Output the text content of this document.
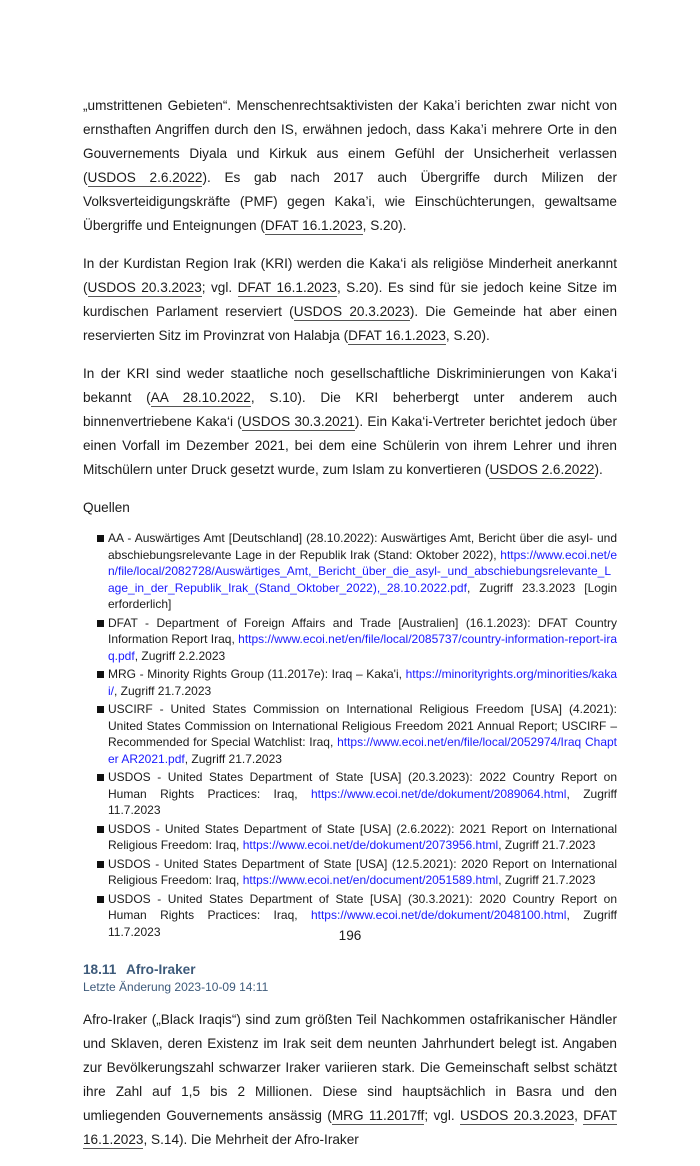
„umstrittenen Gebieten“. Menschenrechtsaktivisten der Kaka’i berichten zwar nicht von ernsthaften Angriffen durch den IS, erwähnen jedoch, dass Kaka’i mehrere Orte in den Gouvernements Diyala und Kirkuk aus einem Gefühl der Unsicherheit verlassen (USDOS 2.6.2022). Es gab nach 2017 auch Übergriffe durch Milizen der Volksverteidigungskräfte (PMF) gegen Kaka’i, wie Einschüchterungen, gewaltsame Übergriffe und Enteignungen (DFAT 16.1.2023, S.20).

In der Kurdistan Region Irak (KRI) werden die Kaka‘i als religiöse Minderheit anerkannt (USDOS 20.3.2023; vgl. DFAT 16.1.2023, S.20). Es sind für sie jedoch keine Sitze im kurdischen Parlament reserviert (USDOS 20.3.2023). Die Gemeinde hat aber einen reservierten Sitz im Provinzrat von Halabja (DFAT 16.1.2023, S.20).

In der KRI sind weder staatliche noch gesellschaftliche Diskriminierungen von Kaka‘i bekannt (AA 28.10.2022, S.10). Die KRI beherbergt unter anderem auch binnenvertriebene Kaka‘i (USDOS 30.3.2021). Ein Kaka‘i-Vertreter berichtet jedoch über einen Vorfall im Dezember 2021, bei dem eine Schülerin von ihrem Lehrer und ihren Mitschülern unter Druck gesetzt wurde, zum Islam zu konvertieren (USDOS 2.6.2022).

Quellen
AA - Auswärtiges Amt [Deutschland] (28.10.2022): Auswärtiges Amt, Bericht über die asyl- und abschiebungsrelevante Lage in der Republik Irak (Stand: Oktober 2022), https://www.ecoi.net/en/file/local/2082728/Auswärtiges_Amt,_Bericht_über_die_asyl-_und_abschiebungsrelevante_Lage_in_der_Republik_Irak_(Stand_Oktober_2022),_28.10.2022.pdf, Zugriff 23.3.2023 [Login erforderlich]
DFAT - Department of Foreign Affairs and Trade [Australien] (16.1.2023): DFAT Country Information Report Iraq, https://www.ecoi.net/en/file/local/2085737/country-information-report-iraq.pdf, Zugriff 2.2.2023
MRG - Minority Rights Group (11.2017e): Iraq – Kaka'i, https://minorityrights.org/minorities/kakai/, Zugriff 21.7.2023
USCIRF - United States Commission on International Religious Freedom [USA] (4.2021): United States Commission on International Religious Freedom 2021 Annual Report; USCIRF – Recommended for Special Watchlist: Iraq, https://www.ecoi.net/en/file/local/2052974/Iraq Chapter AR2021.pdf, Zugriff 21.7.2023
USDOS - United States Department of State [USA] (20.3.2023): 2022 Country Report on Human Rights Practices: Iraq, https://www.ecoi.net/de/dokument/2089064.html, Zugriff 11.7.2023
USDOS - United States Department of State [USA] (2.6.2022): 2021 Report on International Religious Freedom: Iraq, https://www.ecoi.net/de/dokument/2073956.html, Zugriff 21.7.2023
USDOS - United States Department of State [USA] (12.5.2021): 2020 Report on International Religious Freedom: Iraq, https://www.ecoi.net/en/document/2051589.html, Zugriff 21.7.2023
USDOS - United States Department of State [USA] (30.3.2021): 2020 Country Report on Human Rights Practices: Iraq, https://www.ecoi.net/de/dokument/2048100.html, Zugriff 11.7.2023
18.11 Afro-Iraker
Letzte Änderung 2023-10-09 14:11

Afro-Iraker („Black Iraqis“) sind zum größten Teil Nachkommen ostafrikanischer Händler und Sklaven, deren Existenz im Irak seit dem neunten Jahrhundert belegt ist. Angaben zur Bevölkerungszahl schwarzer Iraker variieren stark. Die Gemeinschaft selbst schätzt ihre Zahl auf 1,5 bis 2 Millionen. Diese sind hauptsächlich in Basra und den umliegenden Gouvernements ansässig (MRG 11.2017ff; vgl. USDOS 20.3.2023, DFAT 16.1.2023, S.14). Die Mehrheit der Afro-Iraker

196
